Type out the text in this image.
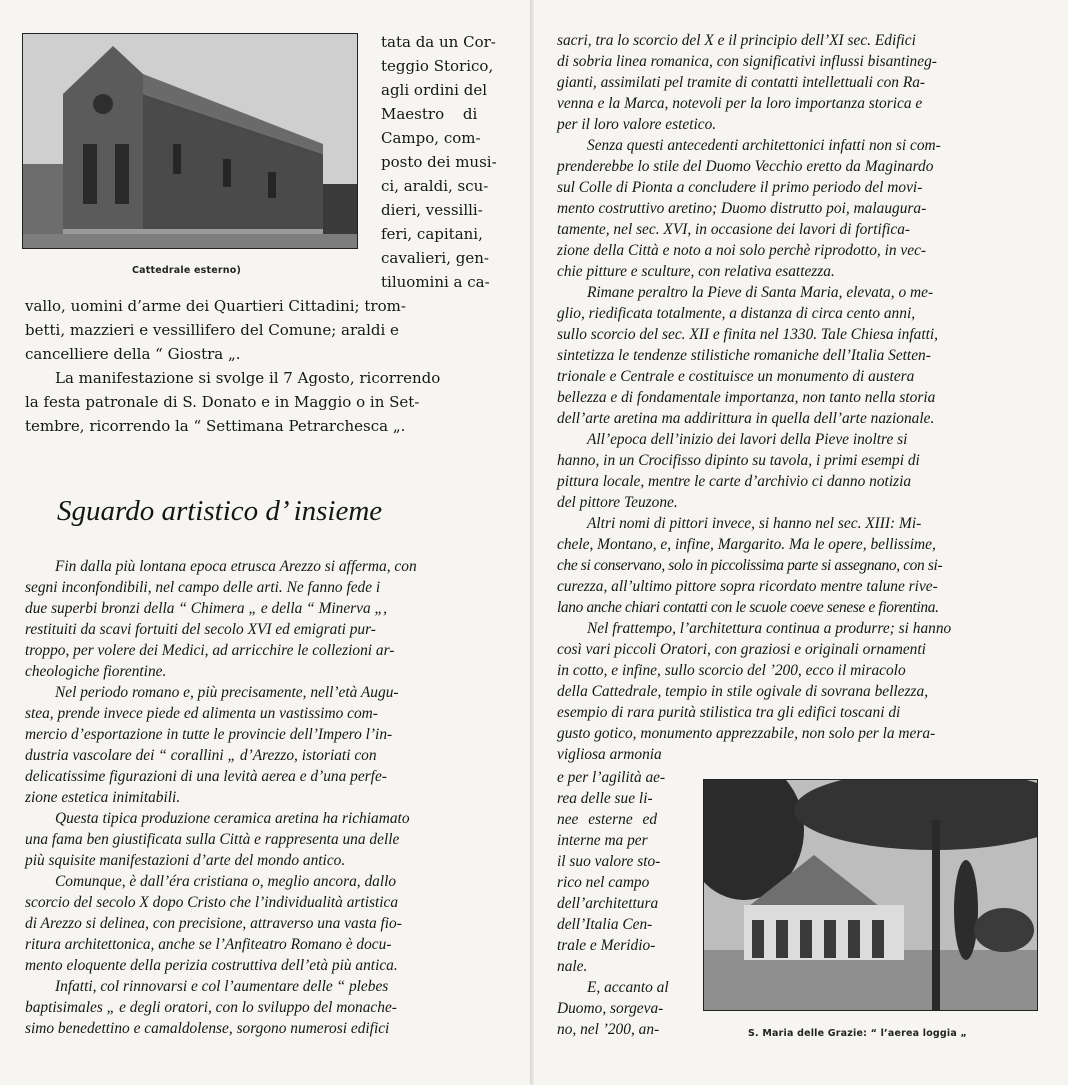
Cattedrale esterno)
tata da un Cor-
teggio Storico,
agli ordini del
Maestro di
Campo, com-
posto dei musi-
ci, araldi, scu-
dieri, vessilli-
feri, capitani,
cavalieri, gen-
tiluomini a ca-
vallo, uomini d’arme dei Quartieri Cittadini; trom-
betti, mazzieri e vessillifero del Comune; araldi e
cancelliere della “ Giostra „.
La manifestazione si svolge il 7 Agosto, ricorrendo
la festa patronale di S. Donato e in Maggio o in Set-
tembre, ricorrendo la “ Settimana Petrarchesca „.
Sguardo artistico d’ insieme
Fin dalla più lontana epoca etrusca Arezzo si afferma, con
segni inconfondibili, nel campo delle arti. Ne fanno fede i
due superbi bronzi della “ Chimera „ e della “ Minerva „,
restituiti da scavi fortuiti del secolo XVI ed emigrati pur-
troppo, per volere dei Medici, ad arricchire le collezioni ar-
cheologiche fiorentine.
Nel periodo romano e, più precisamente, nell’età Augu-
stea, prende invece piede ed alimenta un vastissimo com-
mercio d’esportazione in tutte le provincie dell’Impero l’in-
dustria vascolare dei “ corallini „ d’Arezzo, istoriati con
delicatissime figurazioni di una levità aerea e d’una perfe-
zione estetica inimitabili.
Questa tipica produzione ceramica aretina ha richiamato
una fama ben giustificata sulla Città e rappresenta una delle
più squisite manifestazioni d’arte del mondo antico.
Comunque, è dall’éra cristiana o, meglio ancora, dallo
scorcio del secolo X dopo Cristo che l’individualità artistica
di Arezzo si delinea, con precisione, attraverso una vasta fio-
ritura architettonica, anche se l’Anfiteatro Romano è docu-
mento eloquente della perizia costruttiva dell’età più antica.
Infatti, col rinnovarsi e col l’aumentare delle “ plebes
baptisimales „ e degli oratori, con lo sviluppo del monache-
simo benedettino e camaldolense, sorgono numerosi edifici
sacri, tra lo scorcio del X e il principio dell’XI sec. Edifici
di sobria linea romanica, con significativi influssi bisantineg-
gianti, assimilati pel tramite di contatti intellettuali con Ra-
venna e la Marca, notevoli per la loro importanza storica e
per il loro valore estetico.
Senza questi antecedenti architettonici infatti non si com-
prenderebbe lo stile del Duomo Vecchio eretto da Maginardo
sul Colle di Pionta a concludere il primo periodo del movi-
mento costruttivo aretino; Duomo distrutto poi, malaugura-
tamente, nel sec. XVI, in occasione dei lavori di fortifica-
zione della Città e noto a noi solo perchè riprodotto, in vec-
chie pitture e sculture, con relativa esattezza.
Rimane peraltro la Pieve di Santa Maria, elevata, o me-
glio, riedificata totalmente, a distanza di circa cento anni,
sullo scorcio del sec. XII e finita nel 1330. Tale Chiesa infatti,
sintetizza le tendenze stilistiche romaniche dell’Italia Setten-
trionale e Centrale e costituisce un monumento di austera
bellezza e di fondamentale importanza, non tanto nella storia
dell’arte aretina ma addirittura in quella dell’arte nazionale.
All’epoca dell’inizio dei lavori della Pieve inoltre si
hanno, in un Crocifisso dipinto su tavola, i primi esempi di
pittura locale, mentre le carte d’archivio ci danno notizia
del pittore Teuzone.
Altri nomi di pittori invece, si hanno nel sec. XIII: Mi-
chele, Montano, e, infine, Margarito. Ma le opere, bellissime,
che si conservano, solo in piccolissima parte si assegnano, con si-
curezza, all’ultimo pittore sopra ricordato mentre talune rive-
lano anche chiari contatti con le scuole coeve senese e fiorentina.
Nel frattempo, l’architettura continua a produrre; si hanno
così vari piccoli Oratori, con graziosi e originali ornamenti
in cotto, e infine, sullo scorcio del ’200, ecco il miracolo
della Cattedrale, tempio in stile ogivale di sovrana bellezza,
esempio di rara purità stilistica tra gli edifici toscani di
gusto gotico, monumento apprezzabile, non solo per la mera-
vigliosa armonia
e per l’agilità ae-
rea delle sue li-
nee esterne ed
interne ma per
il suo valore sto-
rico nel campo
dell’architettura
dell’Italia Cen-
trale e Meridio-
nale.
E, accanto al
Duomo, sorgeva-
no, nel ’200, an-	S. Maria delle Grazie: “ l’aerea loggia „
